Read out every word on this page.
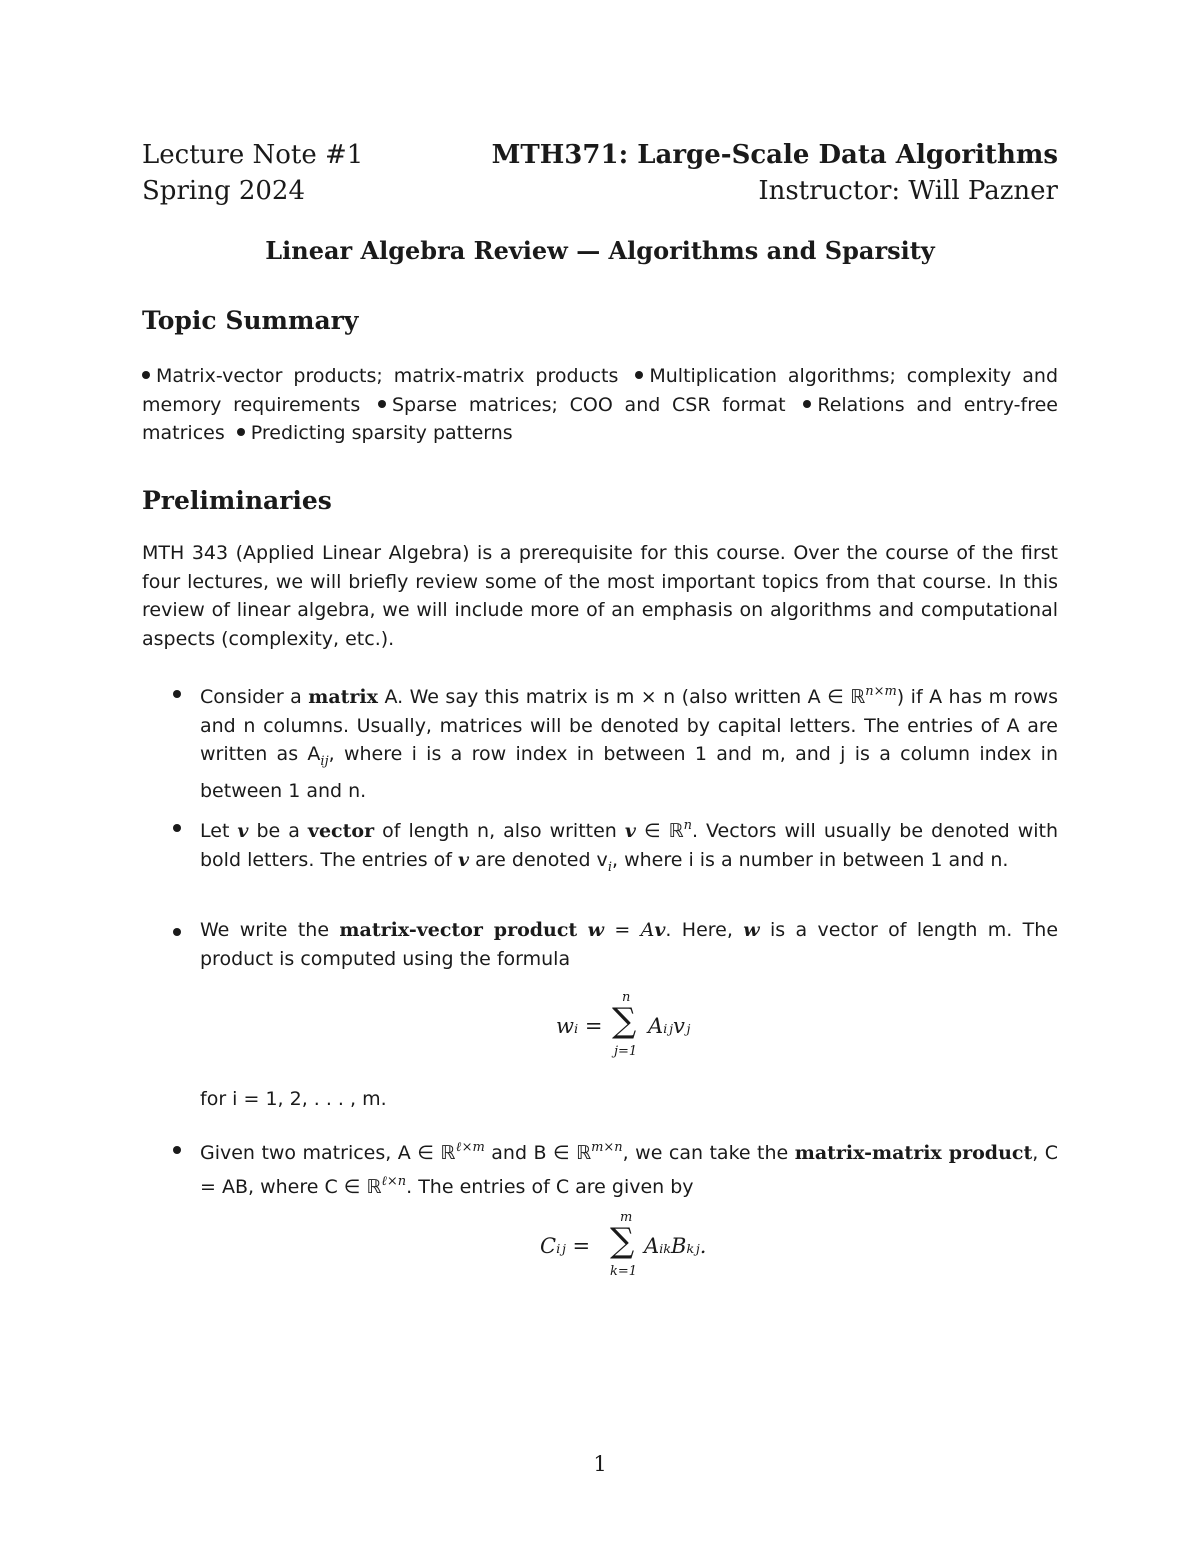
Lecture Note #1	MTH371: Large-Scale Data Algorithms
Spring 2024	Instructor: Will Pazner
Linear Algebra Review — Algorithms and Sparsity
Topic Summary
Matrix-vector products; matrix-matrix products Multiplication algorithms; complexity and memory requirements Sparse matrices; COO and CSR format Relations and entry-free matrices Predicting sparsity patterns
Preliminaries
MTH 343 (Applied Linear Algebra) is a prerequisite for this course. Over the course of the first four lectures, we will briefly review some of the most important topics from that course. In this review of linear algebra, we will include more of an emphasis on algorithms and computational aspects (complexity, etc.).
Consider a matrix A. We say this matrix is m × n (also written A ∈ ℝ$^{n\times m}$) if A has m rows and n columns. Usually, matrices will be denoted by capital letters. The entries of A are written as $A_{ij}$, where i is a row index in between 1 and m, and j is a column index in between 1 and n.
Let v be a vector of length n, also written v ∈ ℝ$^n$. Vectors will usually be denoted with bold letters. The entries of v are denoted $v_i$, where i is a number in between 1 and n.
We write the matrix-vector product w = Av. Here, w is a vector of length m. The product is computed using the formula
wᵢ =
n
∑
j=1
Aᵢⱼvⱼ
for i = 1, 2, . . . , m.
Given two matrices, A ∈ ℝ$^{\ell\times m}$ and B ∈ ℝ$^{m\times n}$, we can take the matrix-matrix product, C = AB, where C ∈ ℝ$^{\ell\times n}$. The entries of C are given by
Cᵢⱼ =
m
∑
k=1
AᵢₖBₖⱼ.
1
